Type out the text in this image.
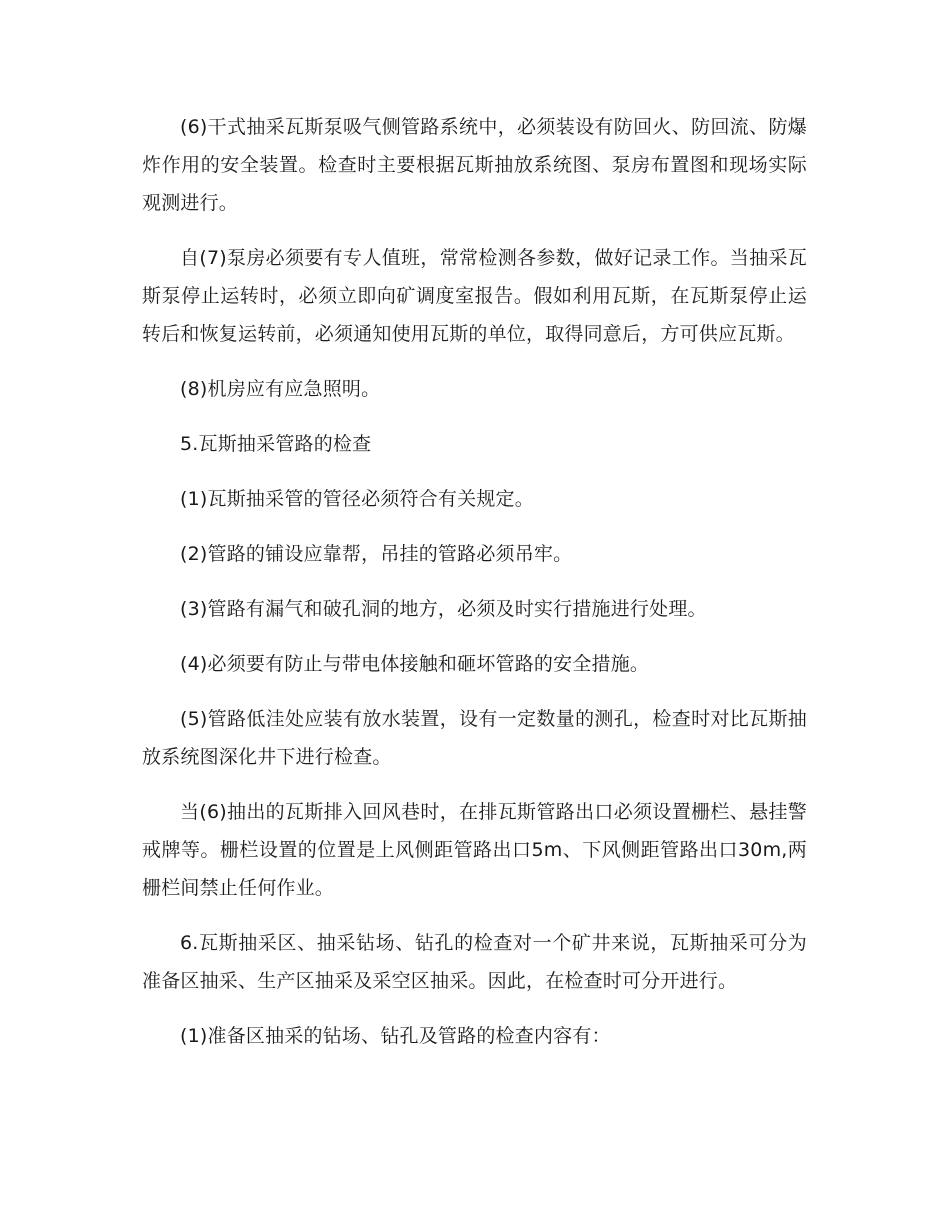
(6)干式抽采瓦斯泵吸气侧管路系统中，必须装设有防回火、防回流、防爆炸作用的安全装置。检查时主要根据瓦斯抽放系统图、泵房布置图和现场实际观测进行。

自(7)泵房必须要有专人值班，常常检测各参数，做好记录工作。当抽采瓦斯泵停止运转时，必须立即向矿调度室报告。假如利用瓦斯，在瓦斯泵停止运转后和恢复运转前，必须通知使用瓦斯的单位，取得同意后，方可供应瓦斯。

(8)机房应有应急照明。

5.瓦斯抽采管路的检查

(1)瓦斯抽采管的管径必须符合有关规定。

(2)管路的铺设应靠帮，吊挂的管路必须吊牢。

(3)管路有漏气和破孔洞的地方，必须及时实行措施进行处理。

(4)必须要有防止与带电体接触和砸坏管路的安全措施。

(5)管路低洼处应装有放水装置，设有一定数量的测孔，检查时对比瓦斯抽放系统图深化井下进行检查。

当(6)抽出的瓦斯排入回风巷时，在排瓦斯管路出口必须设置栅栏、悬挂警戒牌等。栅栏设置的位置是上风侧距管路出口5m、下风侧距管路出口30m,两栅栏间禁止任何作业。

6.瓦斯抽采区、抽采钻场、钻孔的检查对一个矿井来说，瓦斯抽采可分为准备区抽采、生产区抽采及采空区抽采。因此，在检查时可分开进行。

(1)准备区抽采的钻场、钻孔及管路的检查内容有：
